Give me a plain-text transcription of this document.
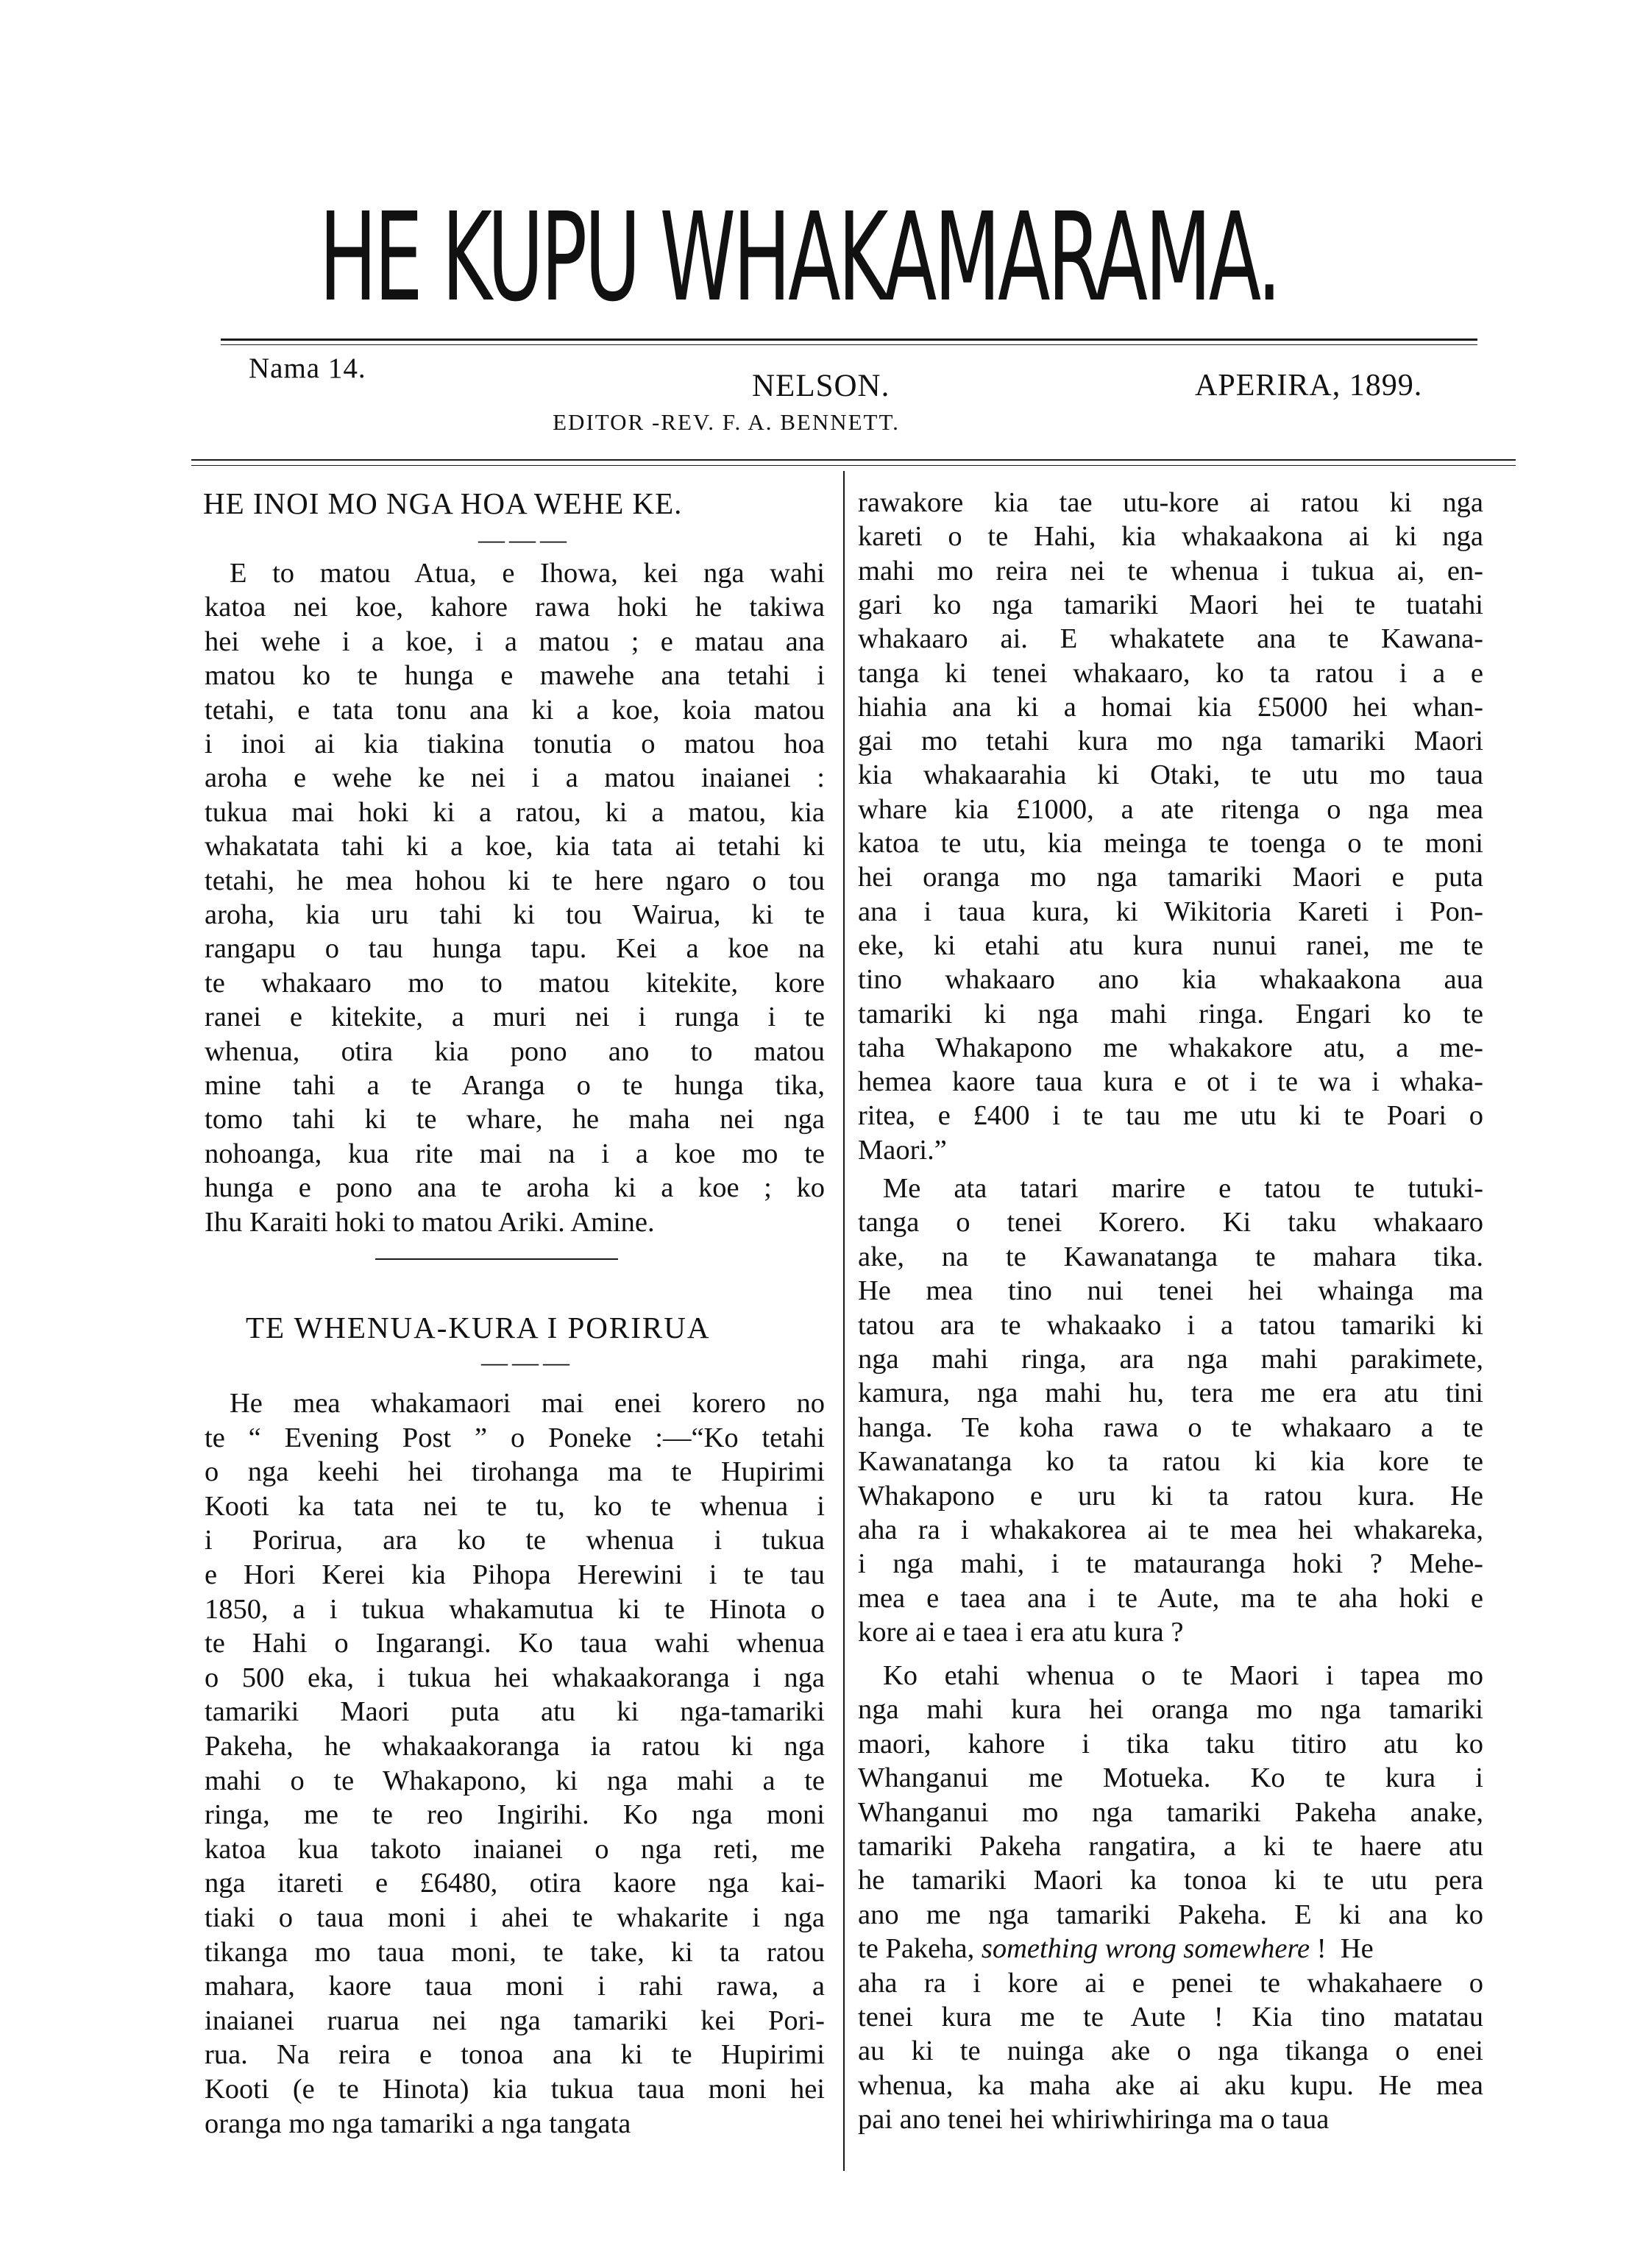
HE KUPU WHAKAMARAMA.
Nama 14.
NELSON.	APERIRA, 1899.
EDITOR -REV. F. A. BENNETT.
HE INOI MO NGA HOA WEHE KE.
———
E to matou Atua, e Ihowa, kei nga wahi
katoa nei koe, kahore rawa hoki he takiwa
hei wehe i a koe, i a matou ; e matau ana
matou ko te hunga e mawehe ana tetahi i
tetahi, e tata tonu ana ki a koe, koia matou
i inoi ai kia tiakina tonutia o matou hoa
aroha e wehe ke nei i a matou inaianei :
tukua mai hoki ki a ratou, ki a matou, kia
whakatata tahi ki a koe, kia tata ai tetahi ki
tetahi, he mea hohou ki te here ngaro o tou
aroha, kia uru tahi ki tou Wairua, ki te
rangapu o tau hunga tapu. Kei a koe na
te whakaaro mo to matou kitekite, kore
ranei e kitekite, a muri nei i runga i te
whenua, otira kia pono ano to matou
mine tahi a te Aranga o te hunga tika,
tomo tahi ki te whare, he maha nei nga
nohoanga, kua rite mai na i a koe mo te
hunga e pono ana te aroha ki a koe ; ko
Ihu Karaiti hoki to matou Ariki. Amine.
TE WHENUA-KURA I PORIRUA
———
He mea whakamaori mai enei korero no
te “ Evening Post ” o Poneke :—“Ko tetahi
o nga keehi hei tirohanga ma te Hupirimi
Kooti ka tata nei te tu, ko te whenua i
i Porirua, ara ko te whenua i tukua
e Hori Kerei kia Pihopa Herewini i te tau
1850, a i tukua whakamutua ki te Hinota o
te Hahi o Ingarangi. Ko taua wahi whenua
o 500 eka, i tukua hei whakaakoranga i nga
tamariki Maori puta atu ki nga-tamariki
Pakeha, he whakaakoranga ia ratou ki nga
mahi o te Whakapono, ki nga mahi a te
ringa, me te reo Ingirihi. Ko nga moni
katoa kua takoto inaianei o nga reti, me
nga itareti e £6480, otira kaore nga kai-
tiaki o taua moni i ahei te whakarite i nga
tikanga mo taua moni, te take, ki ta ratou
mahara, kaore taua moni i rahi rawa, a
inaianei ruarua nei nga tamariki kei Pori-
rua. Na reira e tonoa ana ki te Hupirimi
Kooti (e te Hinota) kia tukua taua moni hei
oranga mo nga tamariki a nga tangata
rawakore kia tae utu-kore ai ratou ki nga
kareti o te Hahi, kia whakaakona ai ki nga
mahi mo reira nei te whenua i tukua ai, en-
gari ko nga tamariki Maori hei te tuatahi
whakaaro ai. E whakatete ana te Kawana-
tanga ki tenei whakaaro, ko ta ratou i a e
hiahia ana ki a homai kia £5000 hei whan-
gai mo tetahi kura mo nga tamariki Maori
kia whakaarahia ki Otaki, te utu mo taua
whare kia £1000, a ate ritenga o nga mea
katoa te utu, kia meinga te toenga o te moni
hei oranga mo nga tamariki Maori e puta
ana i taua kura, ki Wikitoria Kareti i Pon-
eke, ki etahi atu kura nunui ranei, me te
tino whakaaro ano kia whakaakona aua
tamariki ki nga mahi ringa. Engari ko te
taha Whakapono me whakakore atu, a me-
hemea kaore taua kura e ot i te wa i whaka-
ritea, e £400 i te tau me utu ki te Poari o
Maori.”
Me ata tatari marire e tatou te tutuki-
tanga o tenei Korero. Ki taku whakaaro
ake, na te Kawanatanga te mahara tika.
He mea tino nui tenei hei whainga ma
tatou ara te whakaako i a tatou tamariki ki
nga mahi ringa, ara nga mahi parakimete,
kamura, nga mahi hu, tera me era atu tini
hanga. Te koha rawa o te whakaaro a te
Kawanatanga ko ta ratou ki kia kore te
Whakapono e uru ki ta ratou kura. He
aha ra i whakakorea ai te mea hei whakareka,
i nga mahi, i te matauranga hoki ? Mehe-
mea e taea ana i te Aute, ma te aha hoki e
kore ai e taea i era atu kura ?
Ko etahi whenua o te Maori i tapea mo
nga mahi kura hei oranga mo nga tamariki
maori, kahore i tika taku titiro atu ko
Whanganui me Motueka. Ko te kura i
Whanganui mo nga tamariki Pakeha anake,
tamariki Pakeha rangatira, a ki te haere atu
he tamariki Maori ka tonoa ki te utu pera
ano me nga tamariki Pakeha. E ki ana ko
te Pakeha, something wrong somewhere !  He
aha ra i kore ai e penei te whakahaere o
tenei kura me te Aute ! Kia tino matatau
au ki te nuinga ake o nga tikanga o enei
whenua, ka maha ake ai aku kupu. He mea
pai ano tenei hei whiriwhiringa ma o taua
